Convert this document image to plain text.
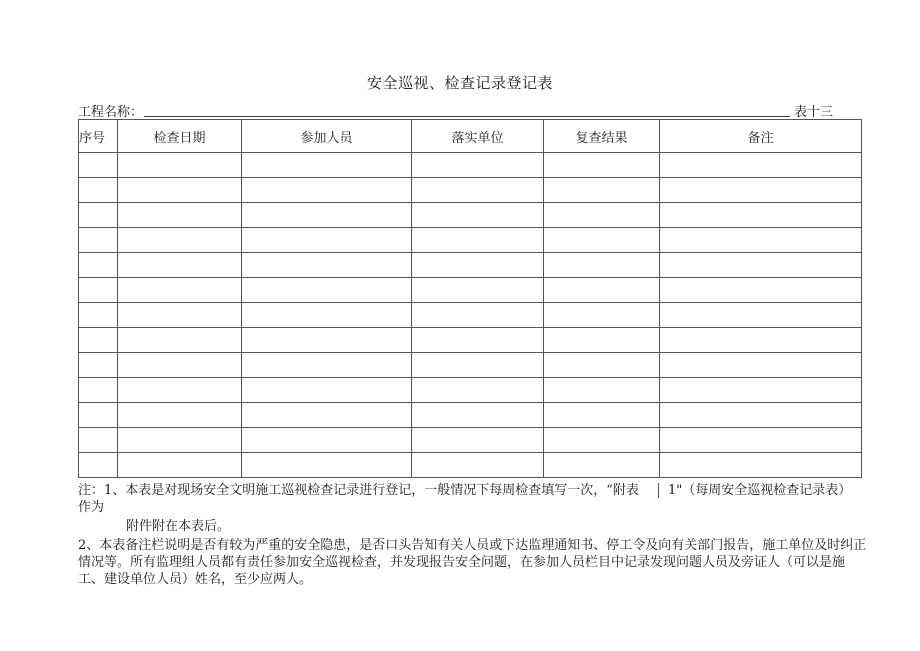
安全巡视、检查记录登记表
工程名称：	表十三
序号	检查日期	参加人员	落实单位	复查结果	备注

注：1、本表是对现场安全文明施工巡视检查记录进行登记，一般情况下每周检查填写一次，“附表	1"（每周安全巡视检查记录表）
作为
附件附在本表后。
2、本表备注栏说明是否有较为严重的安全隐患，是否口头告知有关人员或下达监理通知书、停工令及向有关部门报告，施工单位及时纠正情况等。所有监理组人员都有责任参加安全巡视检查，并发现报告安全问题，在参加人员栏目中记录发现问题人员及旁证人（可以是施工、建设单位人员）姓名，至少应两人。
